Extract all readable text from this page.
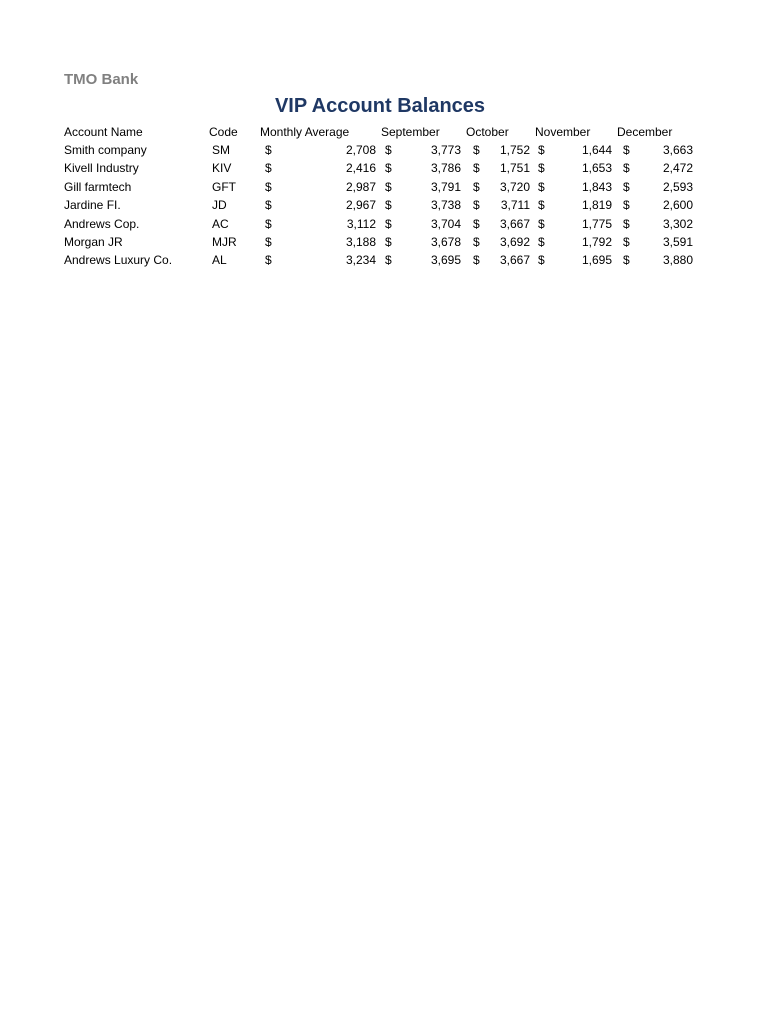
TMO Bank
VIP Account Balances
Account Name	Code Monthly Average	September October November December
Smith company	SM	$	2,708 $	3,773 $ 1,752 $	1,644 $	3,663
Kivell Industry	KIV	$	2,416 $	3,786 $ 1,751 $	1,653 $	2,472
Gill farmtech	GFT $	2,987 $	3,791 $ 3,720 $	1,843 $	2,593
Jardine FI.	JD	$	2,967 $	3,738 $ 3,711 $	1,819 $	2,600
Andrews Cop.	AC	$	3,112 $	3,704 $ 3,667 $	1,775 $	3,302
Morgan JR	MJR $	3,188 $	3,678 $ 3,692 $	1,792 $	3,591
Andrews Luxury Co.	AL	$	3,234 $	3,695 $ 3,667 $	1,695 $	3,880
